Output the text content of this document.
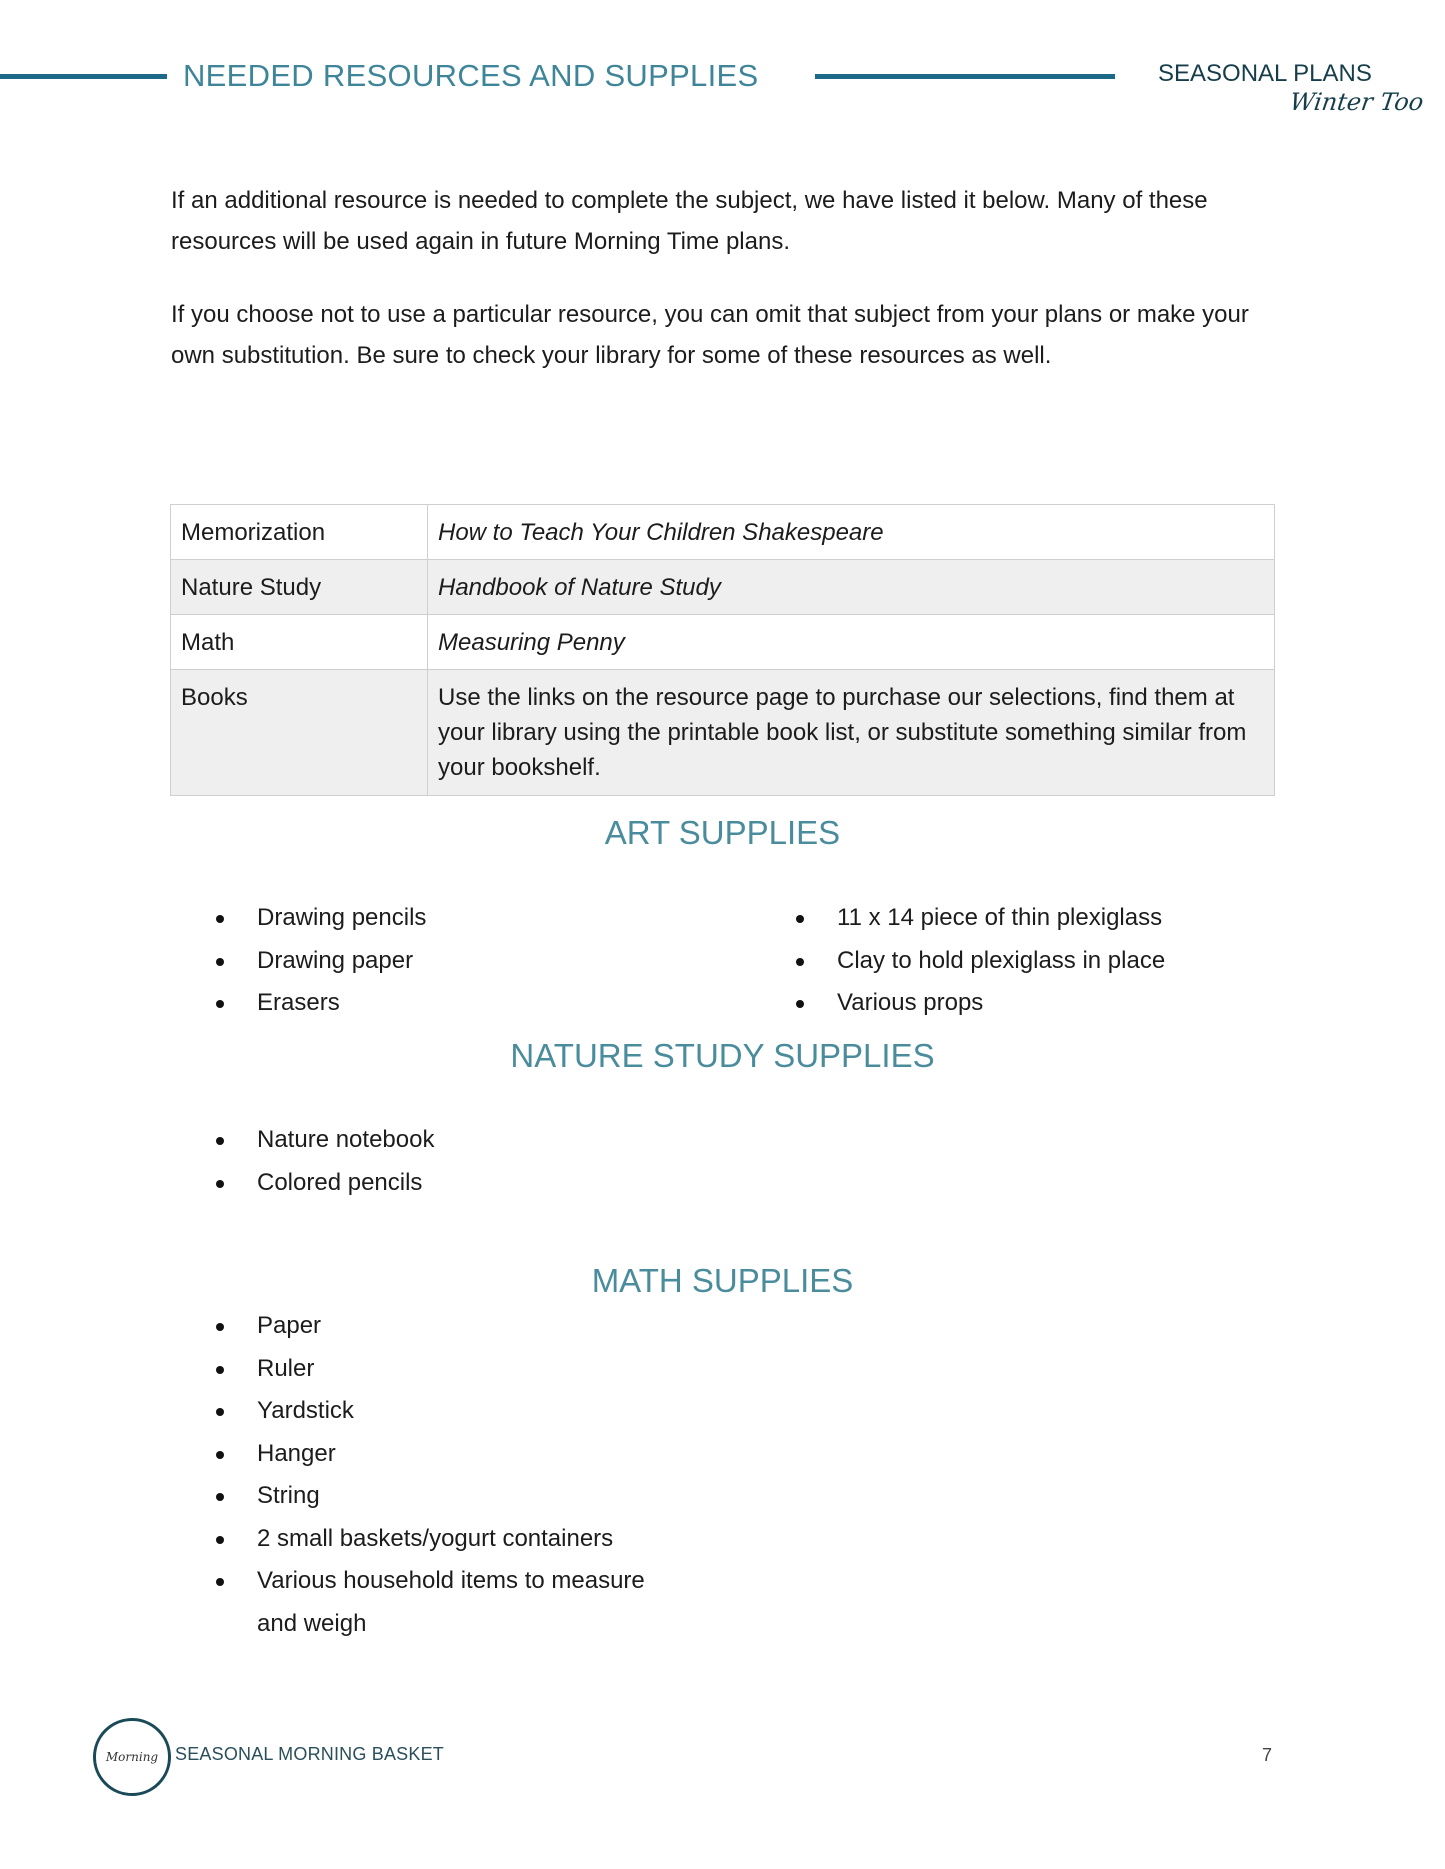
NEEDED RESOURCES AND SUPPLIES	SEASONAL PLANS
Winter Too

If an additional resource is needed to complete the subject, we have listed it below. Many of these resources will be used again in future Morning Time plans.

If you choose not to use a particular resource, you can omit that subject from your plans or make your own substitution. Be sure to check your library for some of these resources as well.

Memorization	How to Teach Your Children Shakespeare
Nature Study	Handbook of Nature Study
Math	Measuring Penny
Books	Use the links on the resource page to purchase our selections, find them at your library using the printable book list, or substitute something similar from your bookshelf.
ART SUPPLIES
Drawing pencils
Drawing paper
Erasers
11 x 14 piece of thin plexiglass
Clay to hold plexiglass in place
Various props
NATURE STUDY SUPPLIES
Nature notebook
Colored pencils
MATH SUPPLIES
Paper
Ruler
Yardstick
Hanger
String
2 small baskets/yogurt containers
Various household items to measure and weigh
Morning SEASONAL MORNING BASKET	7
